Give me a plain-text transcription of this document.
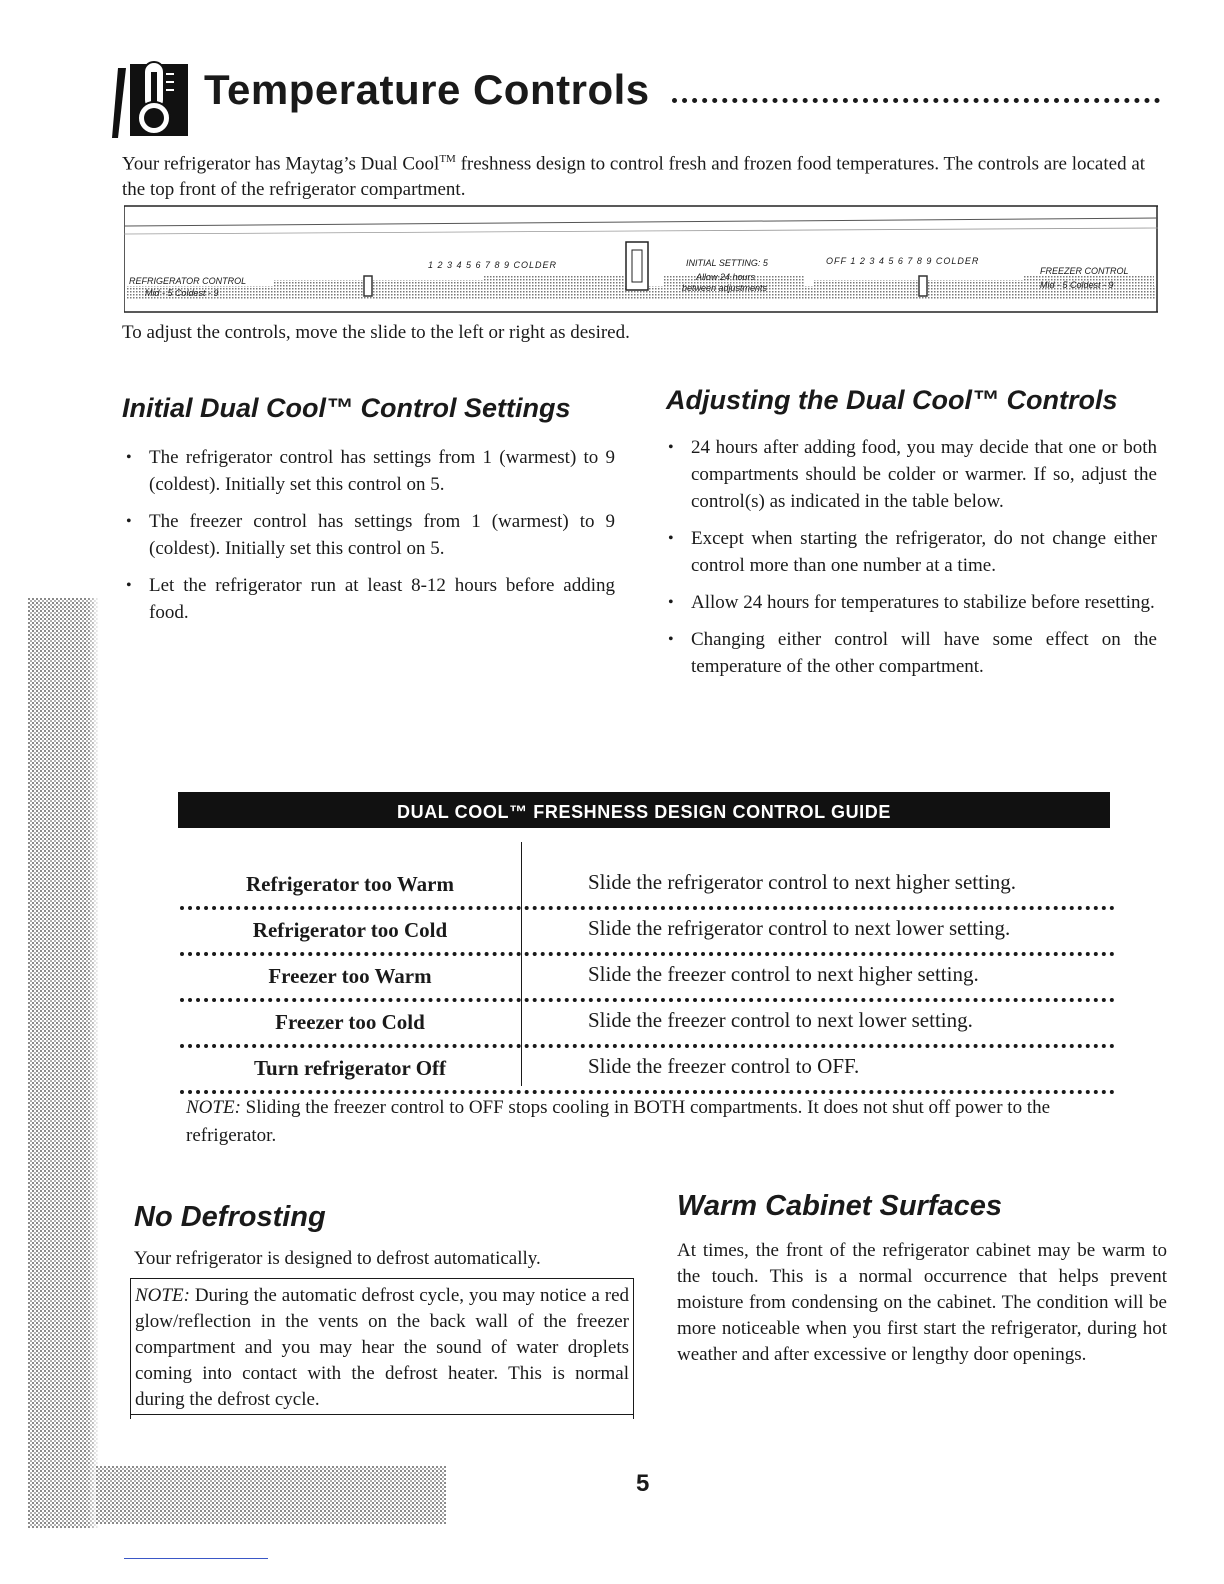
Temperature Controls
Your refrigerator has Maytag’s Dual Cool™ freshness design to control fresh and frozen food temperatures. The controls are located at the top front of the refrigerator compartment.
1 2 3 4 5 6 7 8 9 COLDER
REFRIGERATOR CONTROL
Mid - 5 Coldest - 9
INITIAL SETTING: 5
Allow 24 hours
between adjustments
OFF 1 2 3 4 5 6 7 8 9 COLDER
FREEZER CONTROL
Mid - 5 Coldest - 9
To adjust the controls, move the slide to the left or right as desired.
Initial Dual Cool™ Control Settings
• The refrigerator control has settings from 1 (warmest) to 9 (coldest). Initially set this control on 5.
• The freezer control has settings from 1 (warmest) to 9 (coldest). Initially set this control on 5.
• Let the refrigerator run at least 8-12 hours before adding food.
Adjusting the Dual Cool™ Controls
• 24 hours after adding food, you may decide that one or both compartments should be colder or warmer. If so, adjust the control(s) as indicated in the table below.
• Except when starting the refrigerator, do not change either control more than one number at a time.
• Allow 24 hours for temperatures to stabilize before resetting.
• Changing either control will have some effect on the temperature of the other compartment.
DUAL COOL™ FRESHNESS DESIGN CONTROL GUIDE
Refrigerator too Warm	Slide the refrigerator control to next higher setting.
Refrigerator too Cold	Slide the refrigerator control to next lower setting.
Freezer too Warm	Slide the freezer control to next higher setting.
Freezer too Cold	Slide the freezer control to next lower setting.
Turn refrigerator Off	Slide the freezer control to OFF.
NOTE: Sliding the freezer control to OFF stops cooling in BOTH compartments. It does not shut off power to the refrigerator.
No Defrosting
Your refrigerator is designed to defrost automatically.
NOTE: During the automatic defrost cycle, you may notice a red glow/reflection in the vents on the back wall of the freezer compartment and you may hear the sound of water droplets coming into contact with the defrost heater. This is normal during the defrost cycle.
Warm Cabinet Surfaces
At times, the front of the refrigerator cabinet may be warm to the touch. This is a normal occurrence that helps prevent moisture from condensing on the cabinet. The condition will be more noticeable when you first start the refrigerator, during hot weather and after excessive or lengthy door openings.
5
